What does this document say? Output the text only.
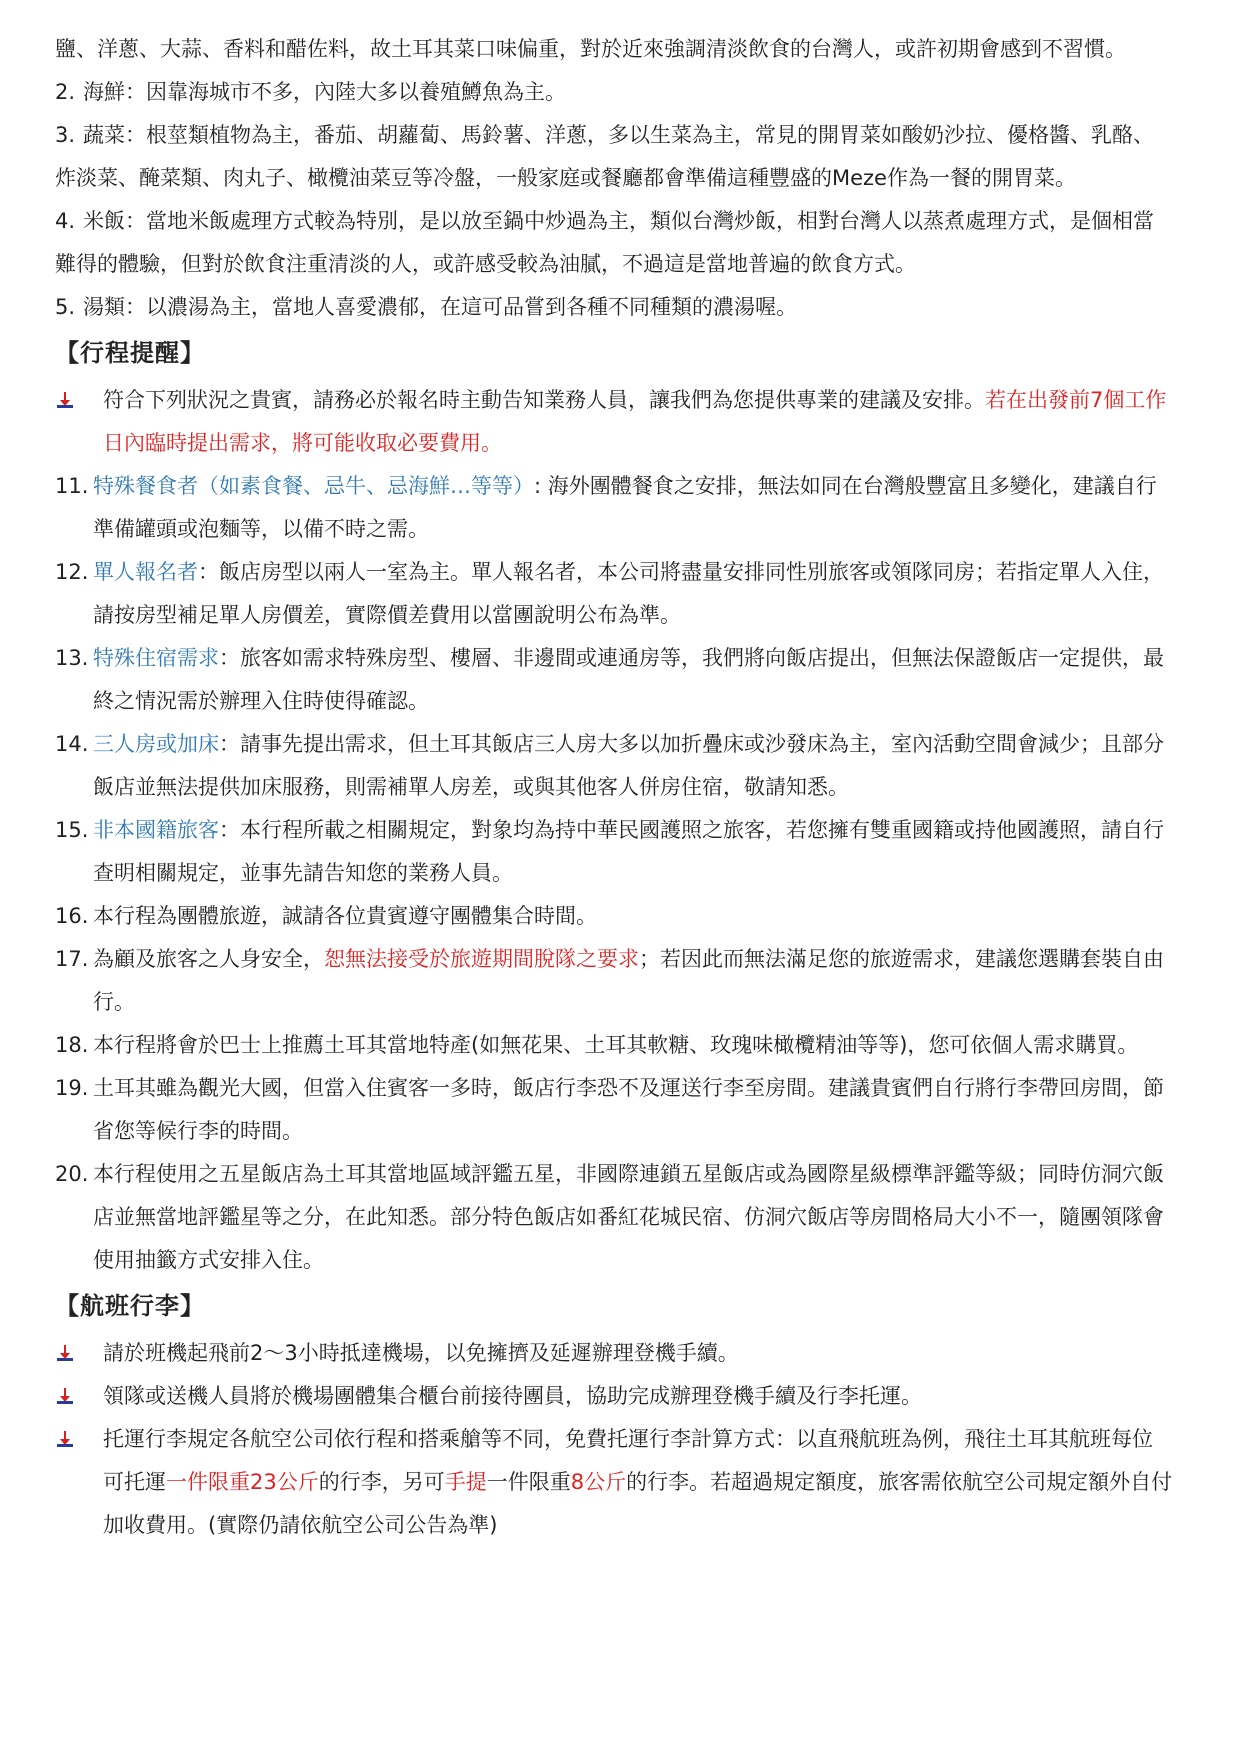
鹽、洋蔥、大蒜、香料和醋佐料，故土耳其菜口味偏重，對於近來強調清淡飲食的台灣人，或許初期會感到不習慣。

2. 海鮮：因靠海城市不多，內陸大多以養殖鱒魚為主。

3. 蔬菜：根莖類植物為主，番茄、胡蘿蔔、馬鈴薯、洋蔥，多以生菜為主，常見的開胃菜如酸奶沙拉、優格醬、乳酪、炸淡菜、醃菜類、肉丸子、橄欖油菜豆等冷盤，一般家庭或餐廳都會準備這種豐盛的Meze作為一餐的開胃菜。

4. 米飯：當地米飯處理方式較為特別，是以放至鍋中炒過為主，類似台灣炒飯，相對台灣人以蒸煮處理方式，是個相當難得的體驗，但對於飲食注重清淡的人，或許感受較為油膩，不過這是當地普遍的飲食方式。

5. 湯類：以濃湯為主，當地人喜愛濃郁，在這可品嘗到各種不同種類的濃湯喔。

【行程提醒】
符合下列狀況之貴賓，請務必於報名時主動告知業務人員，讓我們為您提供專業的建議及安排。若在出發前7個工作日內臨時提出需求，將可能收取必要費用。
11. 特殊餐食者（如素食餐、忌牛、忌海鮮…等等）: 海外團體餐食之安排，無法如同在台灣般豐富且多變化，建議自行準備罐頭或泡麵等，以備不時之需。
12. 單人報名者：飯店房型以兩人一室為主。單人報名者，本公司將盡量安排同性別旅客或領隊同房；若指定單人入住，請按房型補足單人房價差，實際價差費用以當團說明公布為準。
13. 特殊住宿需求：旅客如需求特殊房型、樓層、非邊間或連通房等，我們將向飯店提出，但無法保證飯店一定提供，最終之情況需於辦理入住時使得確認。
14. 三人房或加床：請事先提出需求，但土耳其飯店三人房大多以加折疊床或沙發床為主，室內活動空間會減少；且部分飯店並無法提供加床服務，則需補單人房差，或與其他客人併房住宿，敬請知悉。
15. 非本國籍旅客：本行程所載之相關規定，對象均為持中華民國護照之旅客，若您擁有雙重國籍或持他國護照，請自行查明相關規定，並事先請告知您的業務人員。
16. 本行程為團體旅遊，誠請各位貴賓遵守團體集合時間。
17. 為顧及旅客之人身安全，恕無法接受於旅遊期間脫隊之要求；若因此而無法滿足您的旅遊需求，建議您選購套裝自由行。
18. 本行程將會於巴士上推薦土耳其當地特產(如無花果、土耳其軟糖、玫瑰味橄欖精油等等)，您可依個人需求購買。
19. 土耳其雖為觀光大國，但當入住賓客一多時，飯店行李恐不及運送行李至房間。建議貴賓們自行將行李帶回房間，節省您等候行李的時間。
20. 本行程使用之五星飯店為土耳其當地區域評鑑五星，非國際連鎖五星飯店或為國際星級標準評鑑等級；同時仿洞穴飯店並無當地評鑑星等之分，在此知悉。部分特色飯店如番紅花城民宿、仿洞穴飯店等房間格局大小不一，隨團領隊會使用抽籤方式安排入住。
【航班行李】
請於班機起飛前2～3小時抵達機場，以免擁擠及延遲辦理登機手續。
領隊或送機人員將於機場團體集合櫃台前接待團員，協助完成辦理登機手續及行李托運。
托運行李規定各航空公司依行程和搭乘艙等不同，免費托運行李計算方式：以直飛航班為例，飛往土耳其航班每位可托運一件限重23公斤的行李，另可手提一件限重8公斤的行李。若超過規定額度，旅客需依航空公司規定額外自付加收費用。(實際仍請依航空公司公告為準)
